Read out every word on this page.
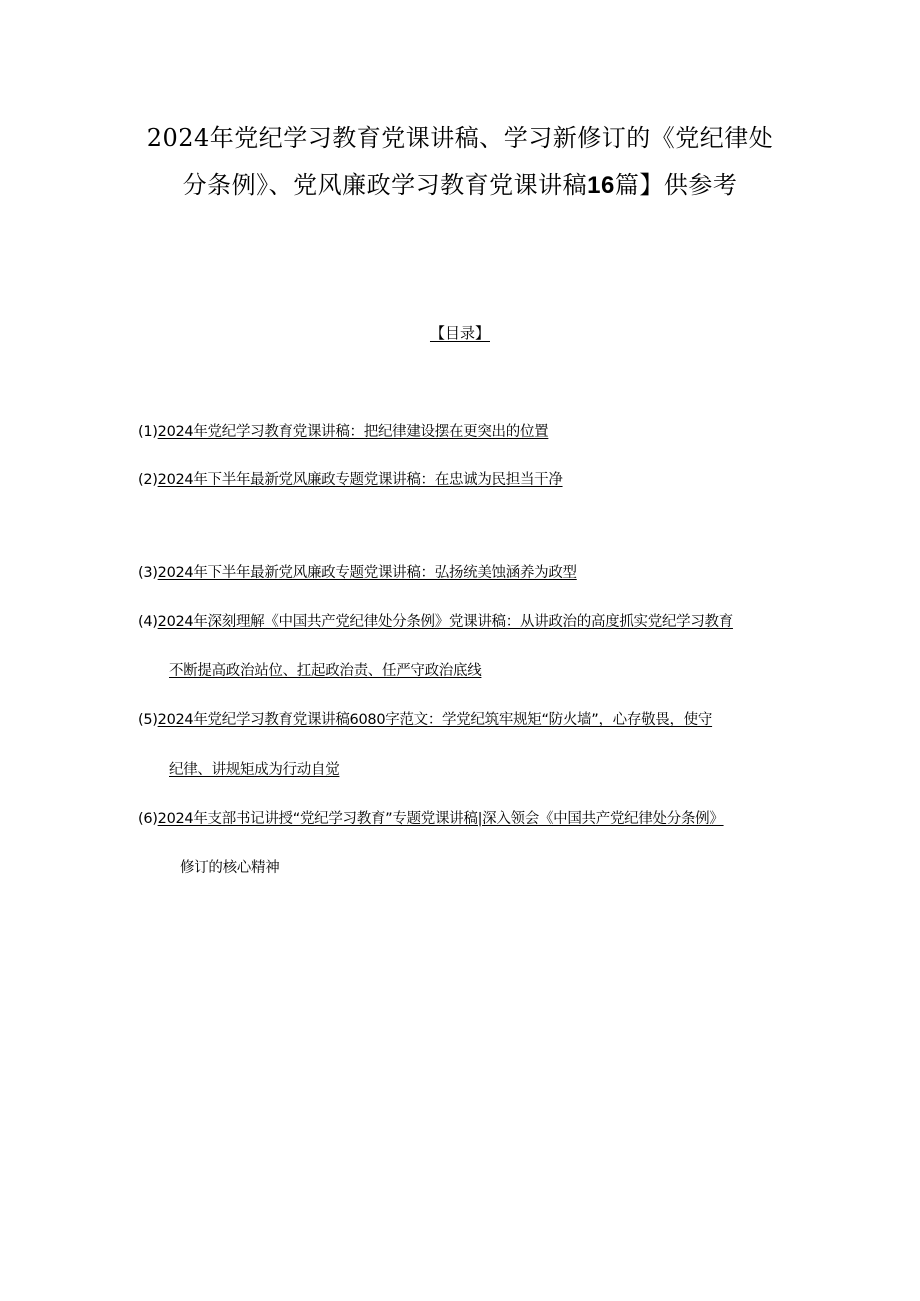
2024年党纪学习教育党课讲稿、学习新修订的《党纪律处分条例》、党风廉政学习教育党课讲稿16篇】供参考
【目录】
(1)2024年党纪学习教育党课讲稿：把纪律建设摆在更突出的位置
(2)2024年下半年最新党风廉政专题党课讲稿：在忠诚为民担当干净
(3)2024年下半年最新党风廉政专题党课讲稿：弘扬统美蚀涵养为政型
(4)2024年深刻理解《中国共产党纪律处分条例》党课讲稿：从讲政治的高度抓实党纪学习教育
不断提高政治站位、扛起政治责、任严守政治底线
(5)2024年党纪学习教育党课讲稿6080字范文：学党纪筑牢规矩“防火墙”，心存敬畏，使守
纪律、讲规矩成为行动自觉
(6)2024年支部书记讲授“党纪学习教育”专题党课讲稿|深入领会《中国共产党纪律处分条例》
修订的核心精神
